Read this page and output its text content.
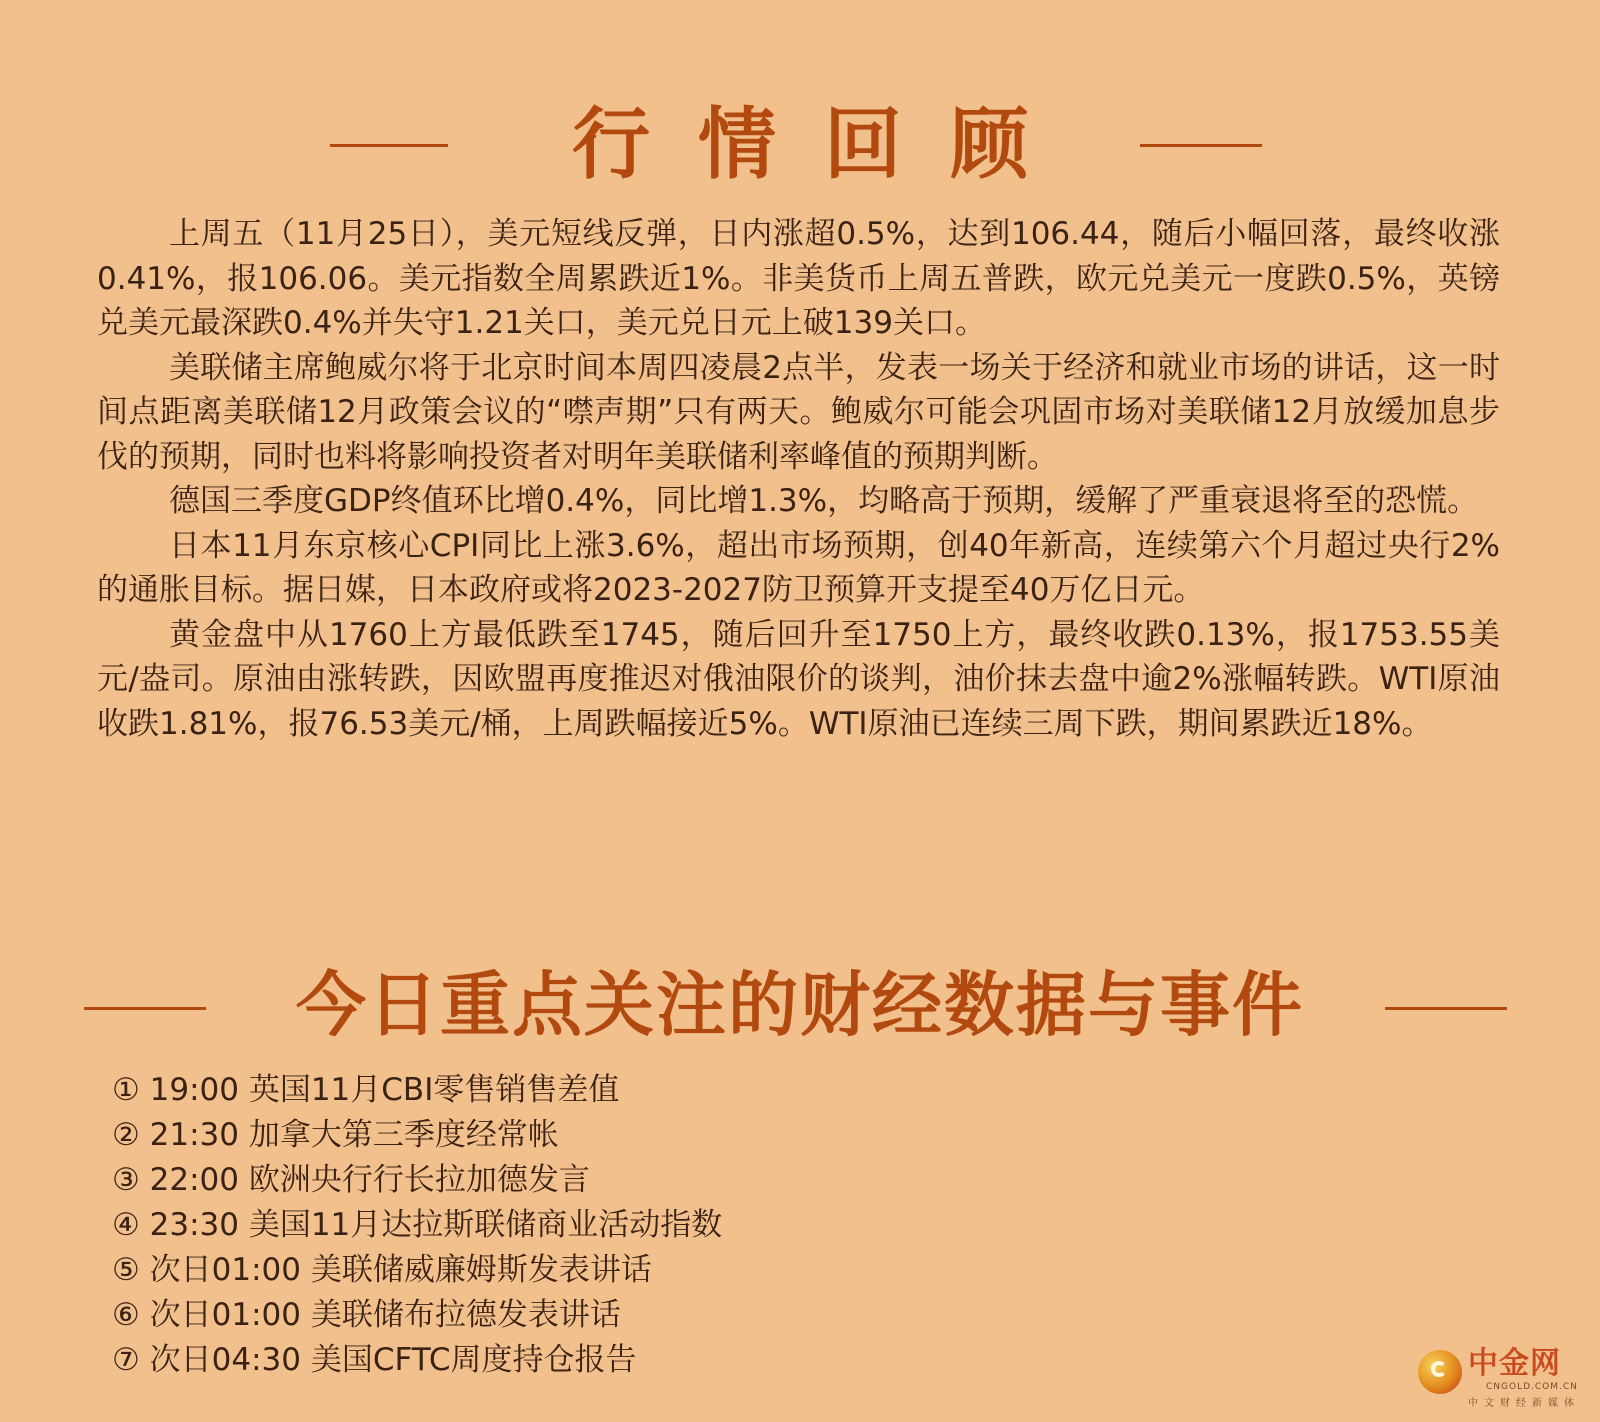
行情回顾

上周五（11月25日），美元短线反弹，日内涨超0.5%，达到106.44，随后小幅回落，最终收涨0.41%，报106.06。美元指数全周累跌近1%。非美货币上周五普跌，欧元兑美元一度跌0.5%，英镑兑美元最深跌0.4%并失守1.21关口，美元兑日元上破139关口。

美联储主席鲍威尔将于北京时间本周四凌晨2点半，发表一场关于经济和就业市场的讲话，这一时间点距离美联储12月政策会议的“噤声期”只有两天。鲍威尔可能会巩固市场对美联储12月放缓加息步伐的预期，同时也料将影响投资者对明年美联储利率峰值的预期判断。

德国三季度GDP终值环比增0.4%，同比增1.3%，均略高于预期，缓解了严重衰退将至的恐慌。

日本11月东京核心CPI同比上涨3.6%，超出市场预期，创40年新高，连续第六个月超过央行2%的通胀目标。据日媒，日本政府或将2023-2027防卫预算开支提至40万亿日元。

黄金盘中从1760上方最低跌至1745，随后回升至1750上方，最终收跌0.13%，报1753.55美元/盎司。原油由涨转跌，因欧盟再度推迟对俄油限价的谈判，油价抹去盘中逾2%涨幅转跌。WTI原油收跌1.81%，报76.53美元/桶，上周跌幅接近5%。WTI原油已连续三周下跌，期间累跌近18%。

今日重点关注的财经数据与事件
① 19:00 英国11月CBI零售销售差值
② 21:30 加拿大第三季度经常帐
③ 22:00 欧洲央行行长拉加德发言
④ 23:30 美国11月达拉斯联储商业活动指数
⑤ 次日01:00 美联储威廉姆斯发表讲话
⑥ 次日01:00 美联储布拉德发表讲话
⑦ 次日04:30 美国CFTC周度持仓报告	中金网
CNGOLD.COM.CN
中文财经新媒体
